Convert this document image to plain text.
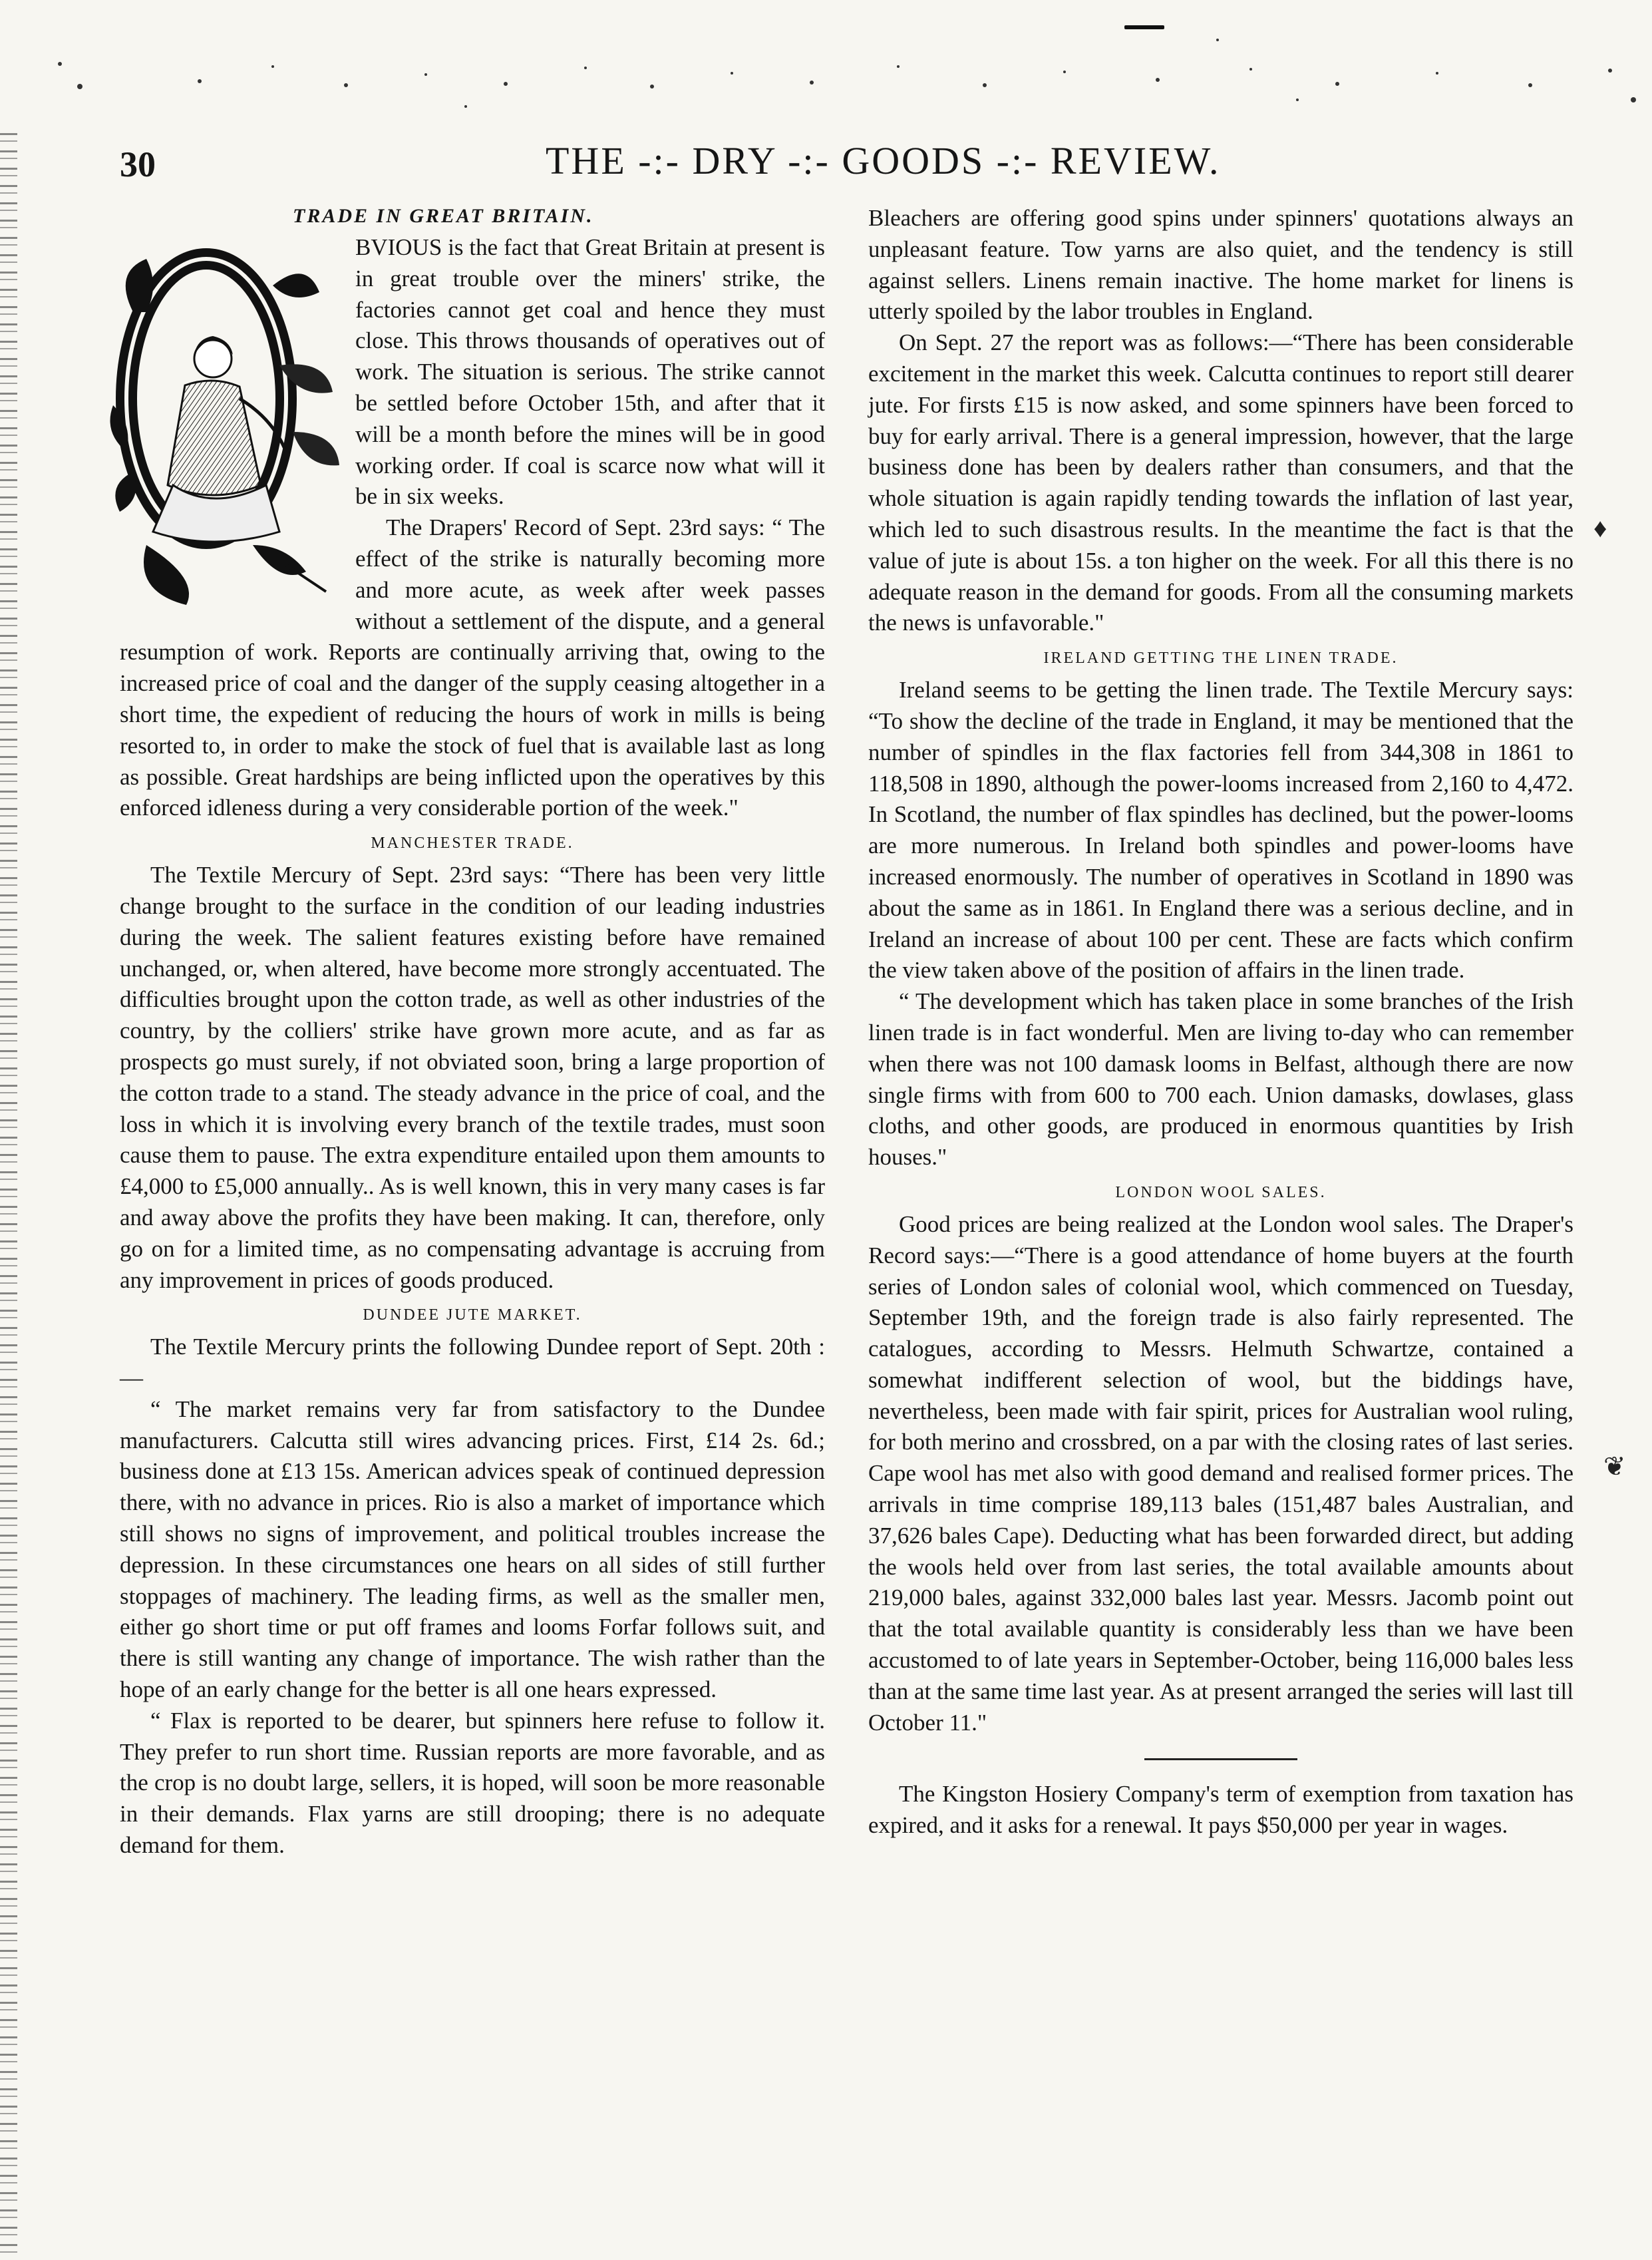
30	THE -:- DRY -:- GOODS -:- REVIEW.
TRADE IN GREAT BRITAIN.

BVIOUS is the fact that Great Britain at present is in great trouble over the miners' strike, the factories cannot get coal and hence they must close. This throws thousands of operatives out of work. The situation is serious. The strike cannot be settled before October 15th, and after that it will be a month before the mines will be in good working order. If coal is scarce now what will it be in six weeks.

The Drapers' Record of Sept. 23rd says: “ The effect of the strike is naturally becoming more and more acute, as week after week passes without a settlement of the dispute, and a general resumption of work. Reports are continually arriving that, owing to the increased price of coal and the danger of the supply ceasing altogether in a short time, the expedient of reducing the hours of work in mills is being resorted to, in order to make the stock of fuel that is available last as long as possible. Great hardships are being inflicted upon the operatives by this enforced idleness during a very considerable portion of the week."

MANCHESTER TRADE.

The Textile Mercury of Sept. 23rd says: “There has been very little change brought to the surface in the condition of our leading industries during the week. The salient features existing before have remained unchanged, or, when altered, have become more strongly accentuated. The difficulties brought upon the cotton trade, as well as other industries of the country, by the colliers' strike have grown more acute, and as far as prospects go must surely, if not obviated soon, bring a large proportion of the cotton trade to a stand. The steady advance in the price of coal, and the loss in which it is involving every branch of the textile trades, must soon cause them to pause. The extra expenditure entailed upon them amounts to £4,000 to £5,000 annually.. As is well known, this in very many cases is far and away above the profits they have been making. It can, therefore, only go on for a limited time, as no compensating advantage is accruing from any improvement in prices of goods produced.

DUNDEE JUTE MARKET.

The Textile Mercury prints the following Dundee report of Sept. 20th :—

“ The market remains very far from satisfactory to the Dundee manufacturers. Calcutta still wires advancing prices. First, £14 2s. 6d.; business done at £13 15s. American advices speak of continued depression there, with no advance in prices. Rio is also a market of importance which still shows no signs of improvement, and political troubles increase the depression. In these circumstances one hears on all sides of still further stoppages of machinery. The leading firms, as well as the smaller men, either go short time or put off frames and looms Forfar follows suit, and there is still wanting any change of importance. The wish rather than the hope of an early change for the better is all one hears expressed.

“ Flax is reported to be dearer, but spinners here refuse to follow it. They prefer to run short time. Russian reports are more favorable, and as the crop is no doubt large, sellers, it is hoped, will soon be more reasonable in their demands. Flax yarns are still drooping; there is no adequate demand for them.

Bleachers are offering good spins under spinners' quotations always an unpleasant feature. Tow yarns are also quiet, and the tendency is still against sellers. Linens remain inactive. The home market for linens is utterly spoiled by the labor troubles in England.

On Sept. 27 the report was as follows:—“There has been considerable excitement in the market this week. Calcutta continues to report still dearer jute. For firsts £15 is now asked, and some spinners have been forced to buy for early arrival. There is a general impression, however, that the large business done has been by dealers rather than consumers, and that the whole situation is again rapidly tending towards the inflation of last year, which led to such disastrous results. In the meantime the fact is that the value of jute is about 15s. a ton higher on the week. For all this there is no adequate reason in the demand for goods. From all the consuming markets the news is unfavorable."

IRELAND GETTING THE LINEN TRADE.

Ireland seems to be getting the linen trade. The Textile Mercury says: “To show the decline of the trade in England, it may be mentioned that the number of spindles in the flax factories fell from 344,308 in 1861 to 118,508 in 1890, although the power-looms increased from 2,160 to 4,472. In Scotland, the number of flax spindles has declined, but the power-looms are more numerous. In Ireland both spindles and power-looms have increased enormously. The number of operatives in Scotland in 1890 was about the same as in 1861. In England there was a serious decline, and in Ireland an increase of about 100 per cent. These are facts which confirm the view taken above of the position of affairs in the linen trade.

“ The development which has taken place in some branches of the Irish linen trade is in fact wonderful. Men are living to-day who can remember when there was not 100 damask looms in Belfast, although there are now single firms with from 600 to 700 each. Union damasks, dowlases, glass cloths, and other goods, are produced in enormous quantities by Irish houses."

LONDON WOOL SALES.

Good prices are being realized at the London wool sales. The Draper's Record says:—“There is a good attendance of home buyers at the fourth series of London sales of colonial wool, which commenced on Tuesday, September 19th, and the foreign trade is also fairly represented. The catalogues, according to Messrs. Helmuth Schwartze, contained a somewhat indifferent selection of wool, but the biddings have, nevertheless, been made with fair spirit, prices for Australian wool ruling, for both merino and crossbred, on a par with the closing rates of last series. Cape wool has met also with good demand and realised former prices. The arrivals in time comprise 189,113 bales (151,487 bales Australian, and 37,626 bales Cape). Deducting what has been forwarded direct, but adding the wools held over from last series, the total available amounts about 219,000 bales, against 332,000 bales last year. Messrs. Jacomb point out that the total available quantity is considerably less than we have been accustomed to of late years in September-October, being 116,000 bales less than at the same time last year. As at present arranged the series will last till October 11."

The Kingston Hosiery Company's term of exemption from taxation has expired, and it asks for a renewal. It pays $50,000 per year in wages.

♦
❦
